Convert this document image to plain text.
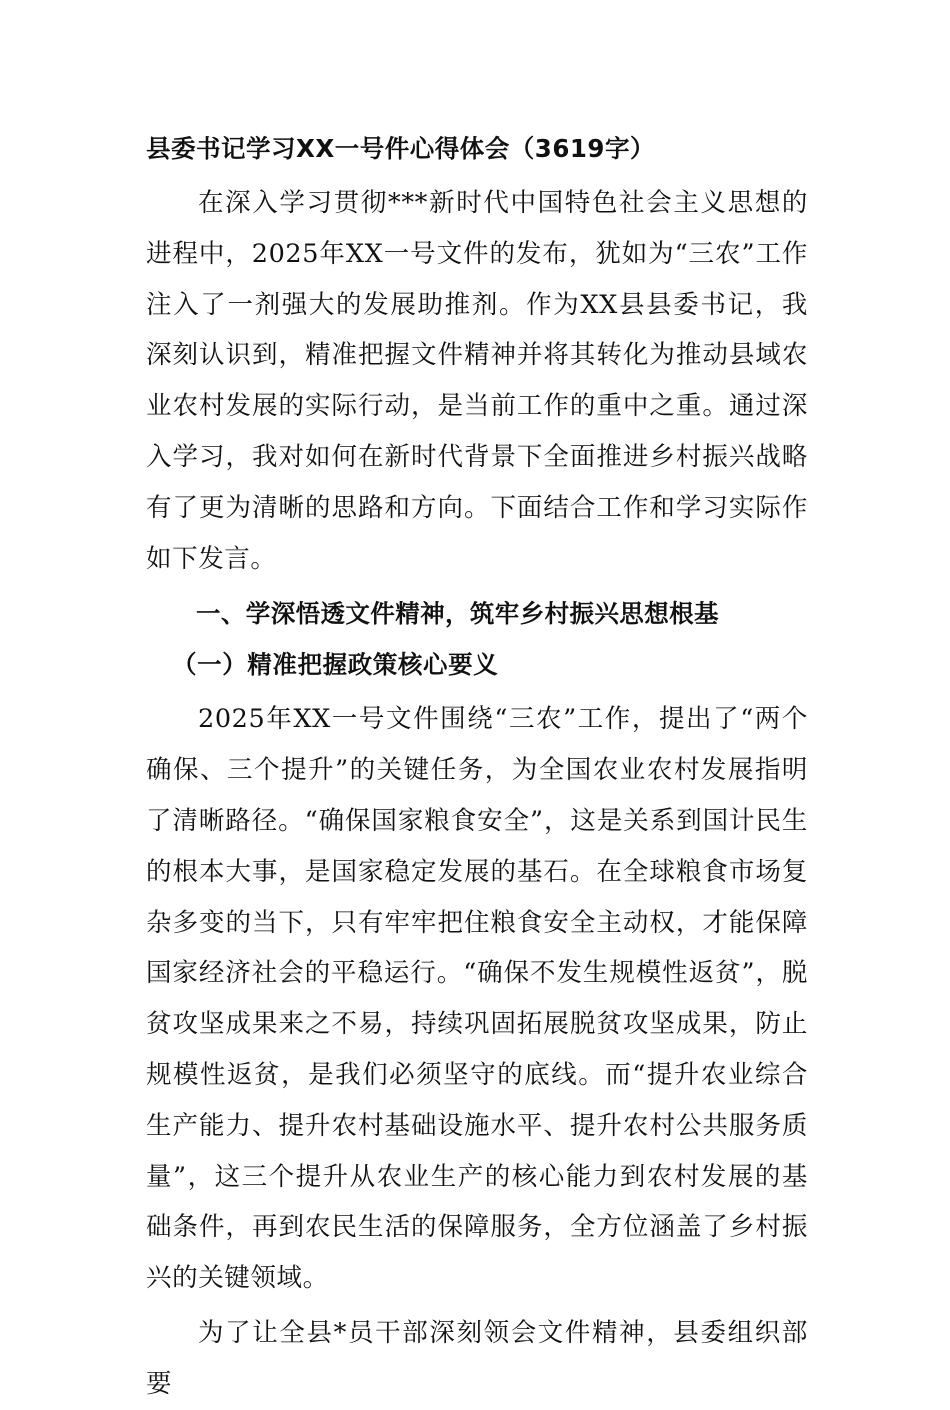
县委书记学习XX一号件心得体会（3619字）

在深入学习贯彻***新时代中国特色社会主义思想的进程中，2025年XX一号文件的发布，犹如为“三农”工作注入了一剂强大的发展助推剂。作为XX县县委书记，我深刻认识到，精准把握文件精神并将其转化为推动县域农业农村发展的实际行动，是当前工作的重中之重。通过深入学习，我对如何在新时代背景下全面推进乡村振兴战略有了更为清晰的思路和方向。下面结合工作和学习实际作如下发言。

一、学深悟透文件精神，筑牢乡村振兴思想根基
（一）精准把握政策核心要义

2025年XX一号文件围绕“三农”工作，提出了“两个确保、三个提升”的关键任务，为全国农业农村发展指明了清晰路径。“确保国家粮食安全”，这是关系到国计民生的根本大事，是国家稳定发展的基石。在全球粮食市场复杂多变的当下，只有牢牢把住粮食安全主动权，才能保障国家经济社会的平稳运行。“确保不发生规模性返贫”，脱贫攻坚成果来之不易，持续巩固拓展脱贫攻坚成果，防止规模性返贫，是我们必须坚守的底线。而“提升农业综合生产能力、提升农村基础设施水平、提升农村公共服务质量”，这三个提升从农业生产的核心能力到农村发展的基础条件，再到农民生活的保障服务，全方位涵盖了乡村振兴的关键领域。

为了让全县*员干部深刻领会文件精神，县委组织部要
